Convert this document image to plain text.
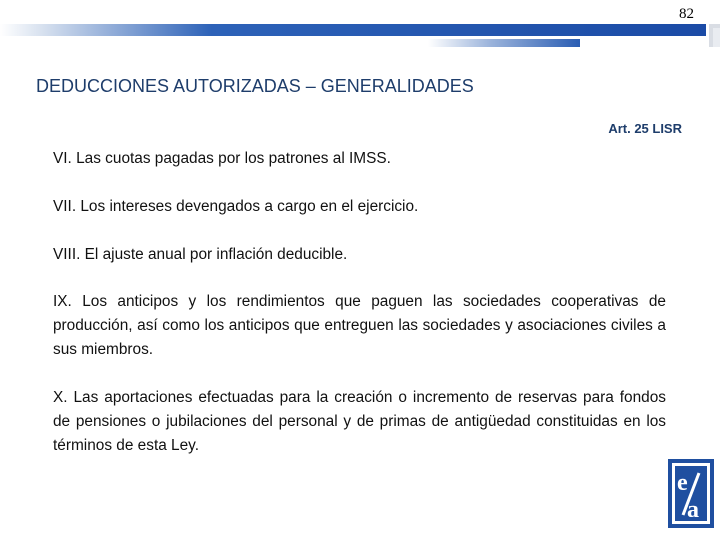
82
DEDUCCIONES AUTORIZADAS – GENERALIDADES
Art. 25 LISR
VI. Las cuotas pagadas por los patrones al IMSS.
VII. Los intereses devengados a cargo en el ejercicio.
VIII. El ajuste anual por inflación deducible.
IX. Los anticipos y los rendimientos que paguen las sociedades cooperativas de producción, así como los anticipos que entreguen las sociedades y asociaciones civiles a sus miembros.
X. Las aportaciones efectuadas para la creación o incremento de reservas para fondos de pensiones o jubilaciones del personal y de primas de antigüedad constituidas en los términos de esta Ley.
e
a
